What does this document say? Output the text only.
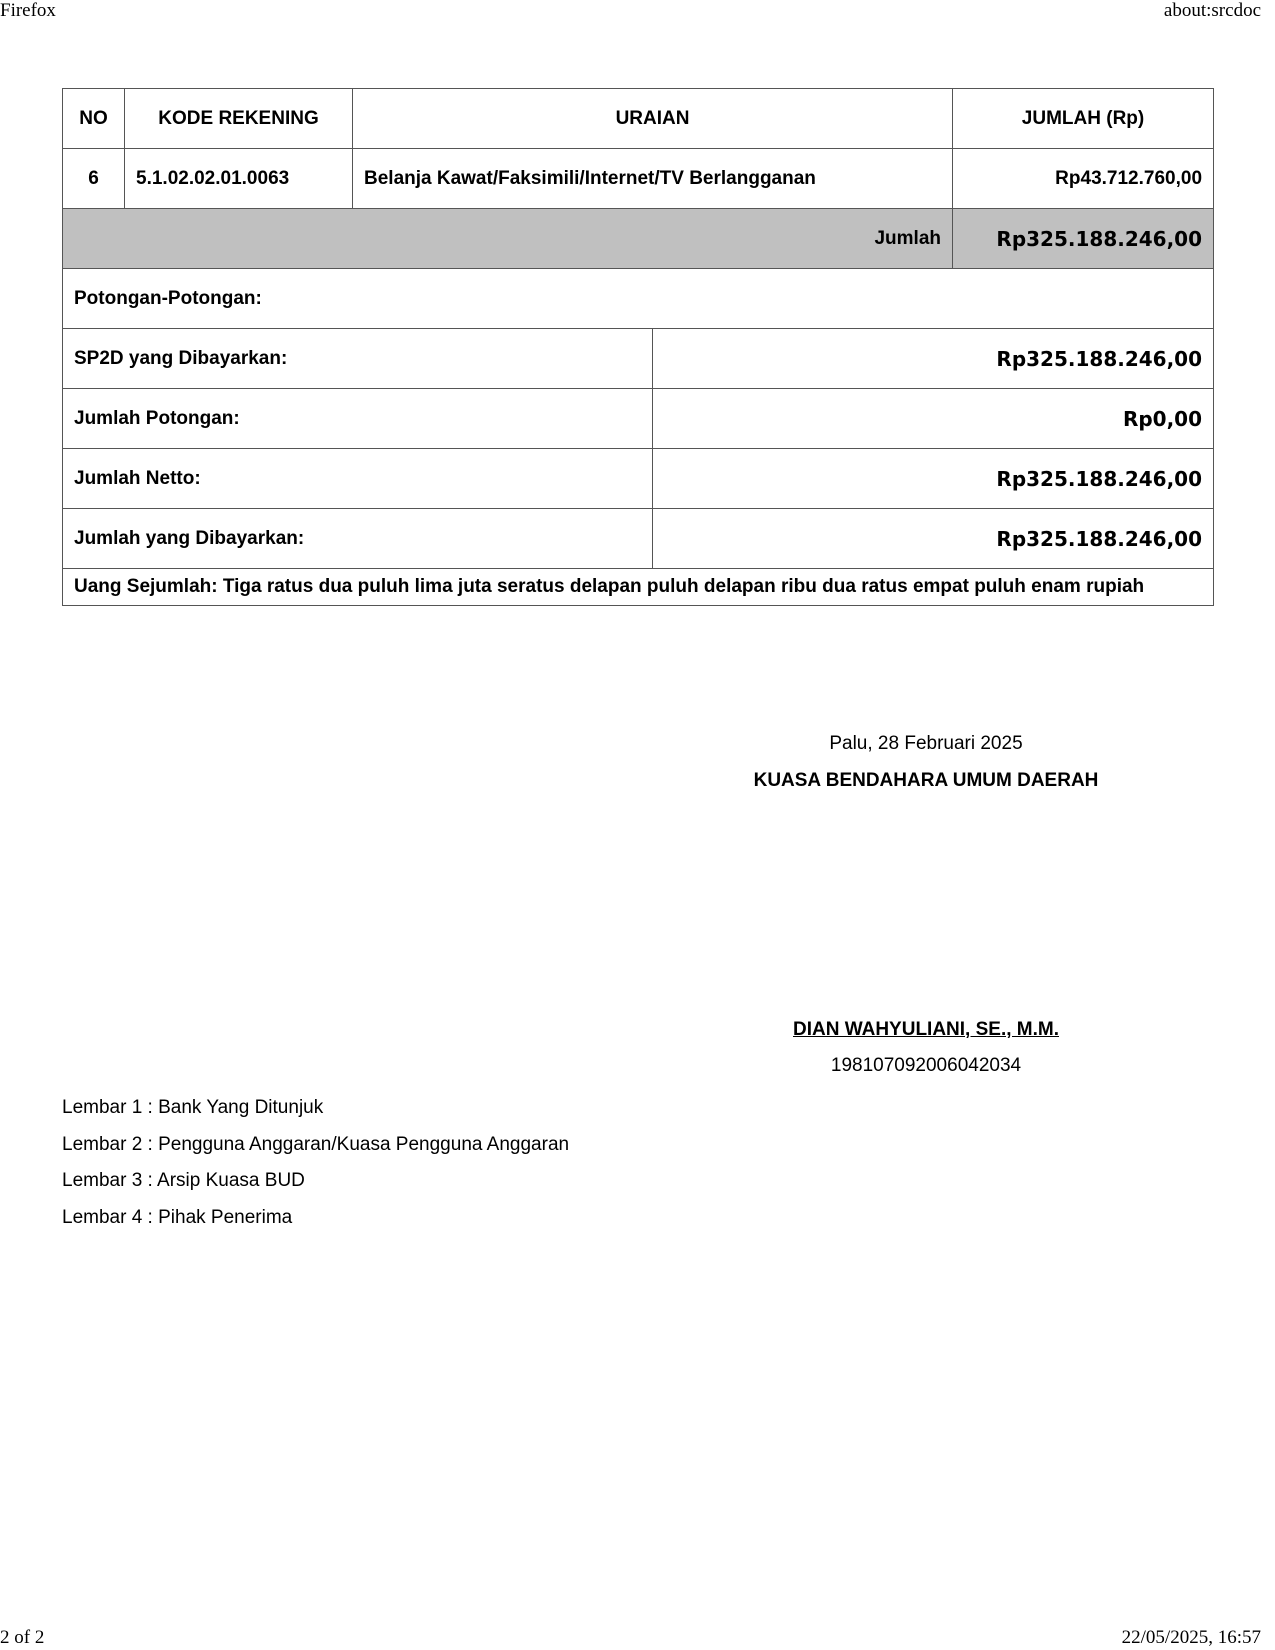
Firefox	about:srcdoc
NO	KODE REKENING	URAIAN		JUMLAH (Rp)
6	5.1.02.02.01.0063	Belanja Kawat/Faksimili/Internet/TV Berlangganan		Rp43.712.760,00
Jumlah				Rp325.188.246,00
Potongan-Potongan:				
SP2D yang Dibayarkan:			Rp325.188.246,00	
Jumlah Potongan:			Rp0,00	
Jumlah Netto:			Rp325.188.246,00	
Jumlah yang Dibayarkan:			Rp325.188.246,00	
Uang Sejumlah: Tiga ratus dua puluh lima juta seratus delapan puluh delapan ribu dua ratus empat puluh enam rupiah				
Palu, 28 Februari 2025
KUASA BENDAHARA UMUM DAERAH
DIAN WAHYULIANI, SE., M.M.
198107092006042034
Lembar 1 : Bank Yang Ditunjuk
Lembar 2 : Pengguna Anggaran/Kuasa Pengguna Anggaran
Lembar 3 : Arsip Kuasa BUD
Lembar 4 : Pihak Penerima
2 of 2	22/05/2025, 16:57
